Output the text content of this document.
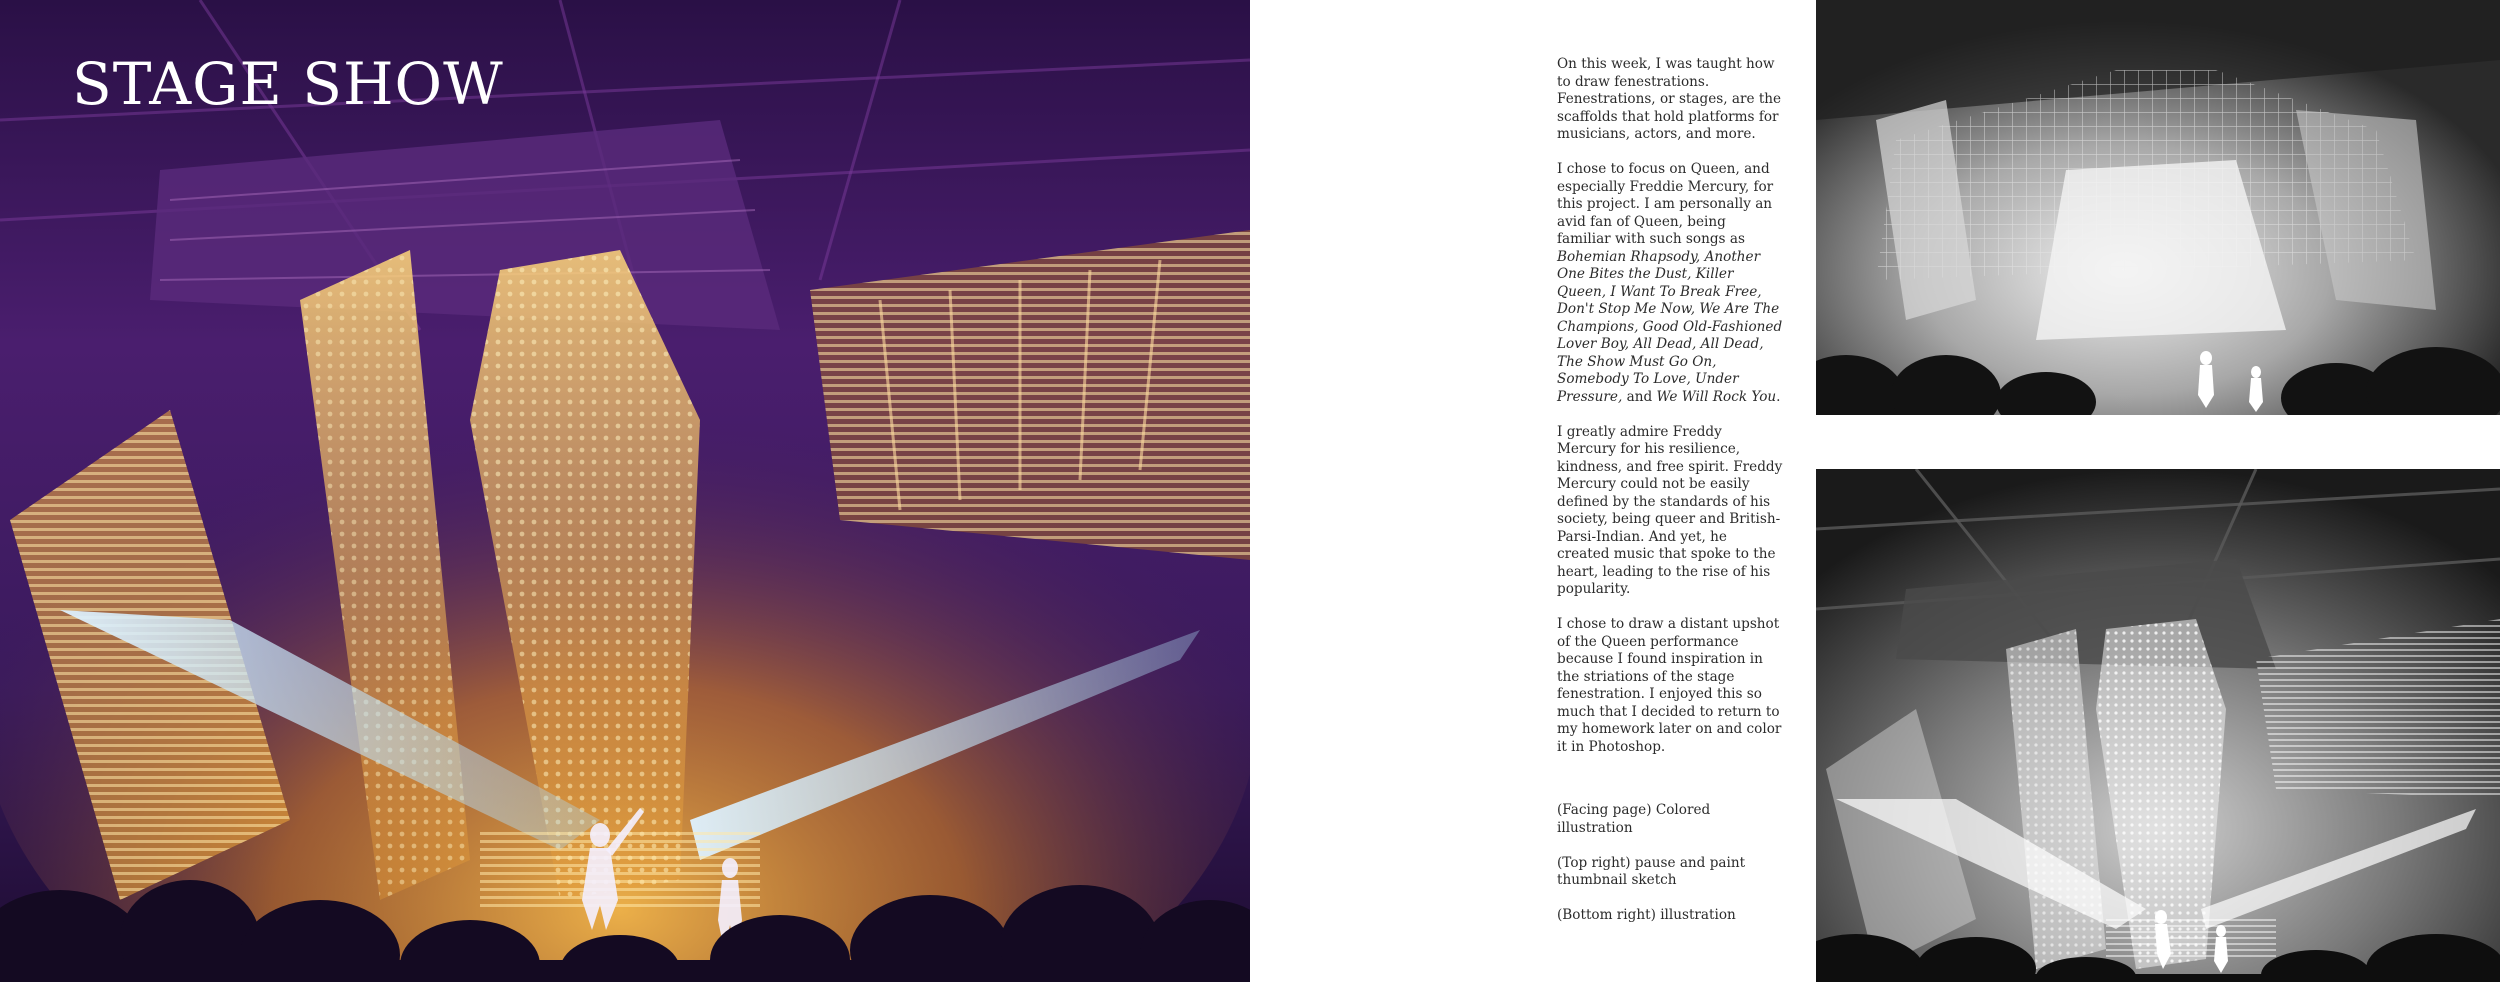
STAGE SHOW	On this week, I was taught how to draw fenestrations. Fenestrations, or stages, are the scaffolds that hold platforms for musicians, actors, and more.

I chose to focus on Queen, and especially Freddie Mercury, for this project. I am personally an avid fan of Queen, being familiar with such songs as Bohemian Rhapsody, Another One Bites the Dust, Killer Queen, I Want To Break Free, Don't Stop Me Now, We Are The Champions, Good Old-Fashioned Lover Boy, All Dead, All Dead, The Show Must Go On, Somebody To Love, Under Pressure, and We Will Rock You.

I greatly admire Freddy Mercury for his resilience, kindness, and free spirit. Freddy Mercury could not be easily defined by the standards of his society, being queer and British-Parsi-Indian. And yet, he created music that spoke to the heart, leading to the rise of his popularity.

I chose to draw a distant upshot of the Queen performance because I found inspiration in the striations of the stage fenestration. I enjoyed this so much that I decided to return to my homework later on and color it in Photoshop.

(Facing page) Colored illustration

(Top right) pause and paint thumbnail sketch

(Bottom right) illustration
